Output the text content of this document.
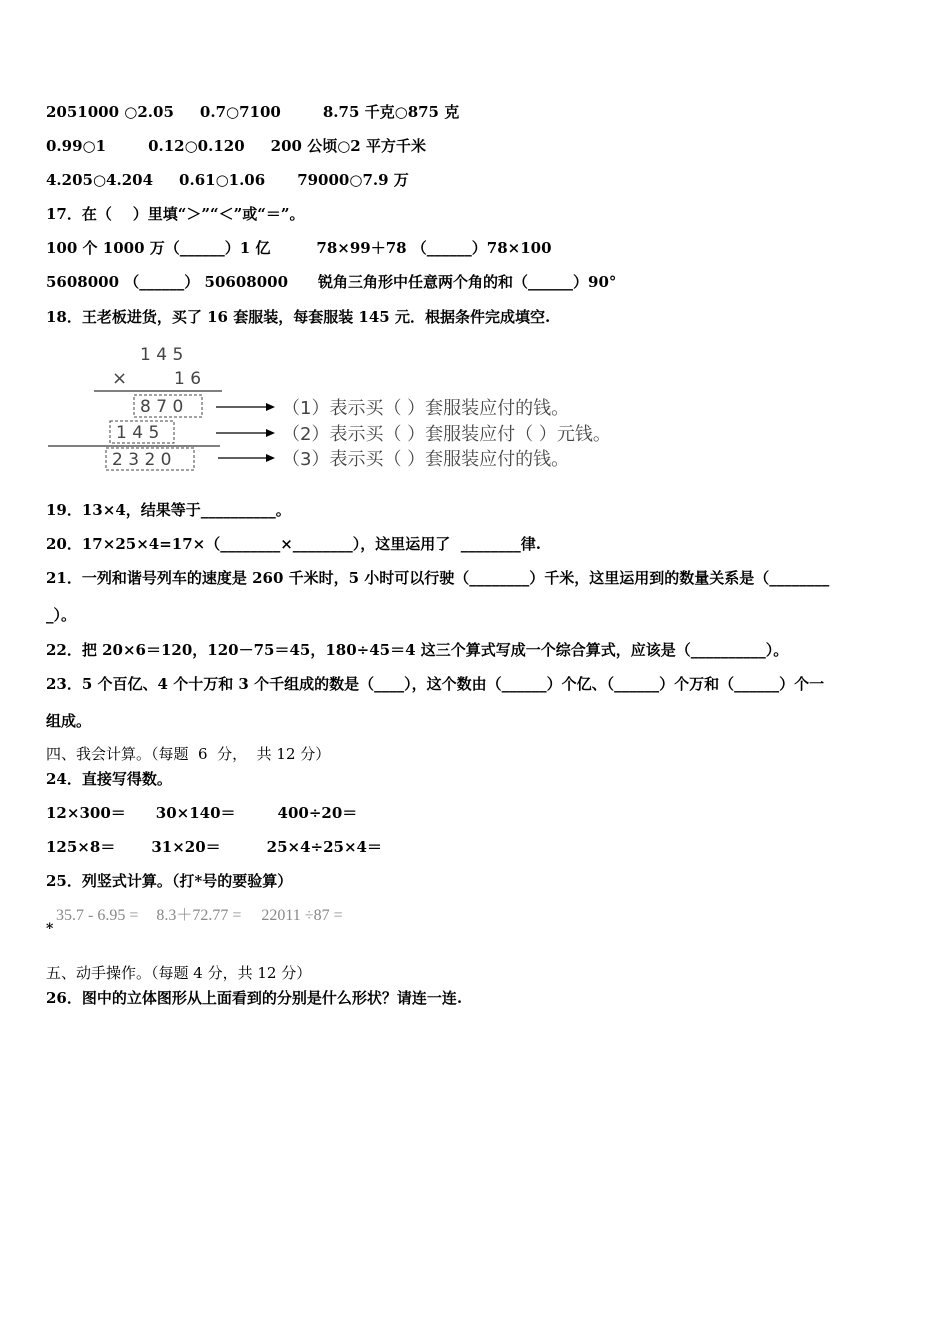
2051000 ○2.05 0.7○7100	8.75 千克○875 克
0.99○1	0.12○0.120 200 公顷○2 平方千米
4.205○4.204 0.61○1.06 79000○7.9 万
17．在（    ）里填“＞”“＜”或“＝”。
100 个 1000 万（______）1 亿	78×99＋78 （______）78×100
5608000 （______） 50608000 锐角三角形中任意两个角的和（______）90°
18．王老板进货，买了 16 套服装，每套服装 145 元．根据条件完成填空.
1 4 5
×	1 6
8 7 0
1 4 5
2 3 2 0
（1）表示买（ ）套服装应付的钱。
（2）表示买（ ）套服装应付（ ）元钱。
（3）表示买（ ）套服装应付的钱。
19．13×4，结果等于__________。
20．17×25×4=17×（________×________），这里运用了  ________律.
21．一列和谐号列车的速度是 260 千米时，5 小时可以行驶（________）千米，这里运用到的数量关系是（________
_）。
22．把 20×6＝120，120－75＝45，180÷45＝4 这三个算式写成一个综合算式，应该是（__________）。
23．5 个百亿、4 个十万和 3 个千组成的数是（____），这个数由（______）个亿、（______）个万和（______）个一
组成。
四、我会计算。（每题  6  分，  共 12 分）
24．直接写得数。
12×300＝ 30×140＝	400÷20＝
125×8＝ 31×20＝	25×4÷25×4＝
25．列竖式计算。（打*号的要验算）
35.7 - 6.95 = 8.3＋72.77 = 22011 ÷87 =
*
五、动手操作。（每题 4 分，共 12 分）
26．图中的立体图形从上面看到的分别是什么形状？请连一连.
